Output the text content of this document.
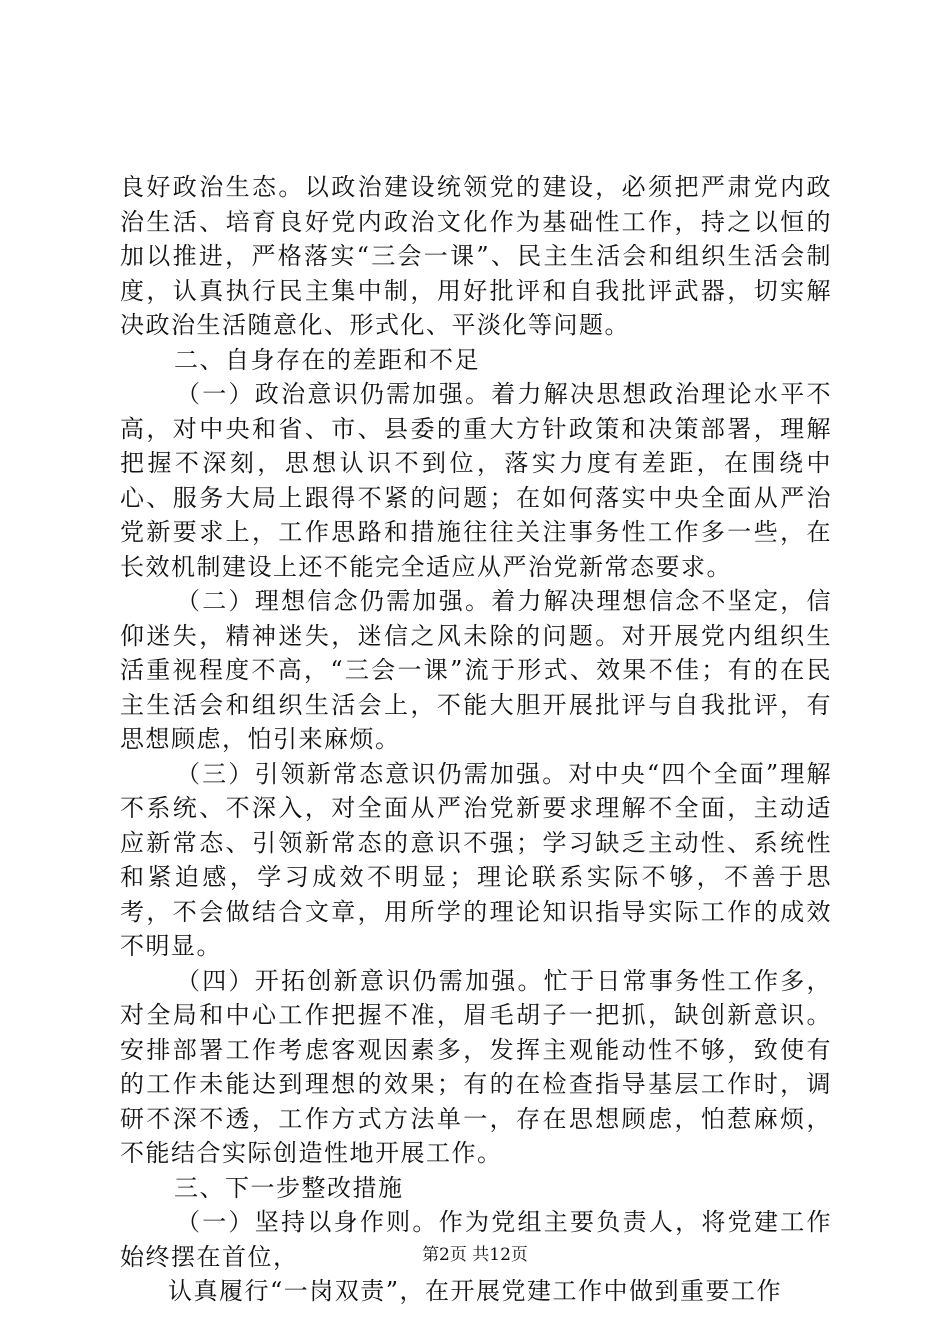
良好政治生态。以政治建设统领党的建设，必须把严肃党内政治生活、培育良好党内政治文化作为基础性工作，持之以恒的加以推进，严格落实“三会一课”、民主生活会和组织生活会制度，认真执行民主集中制，用好批评和自我批评武器，切实解决政治生活随意化、形式化、平淡化等问题。

二、自身存在的差距和不足

（一）政治意识仍需加强。着力解决思想政治理论水平不高，对中央和省、市、县委的重大方针政策和决策部署，理解把握不深刻，思想认识不到位，落实力度有差距，在围绕中心、服务大局上跟得不紧的问题；在如何落实中央全面从严治党新要求上，工作思路和措施往往关注事务性工作多一些，在长效机制建设上还不能完全适应从严治党新常态要求。

（二）理想信念仍需加强。着力解决理想信念不坚定，信仰迷失，精神迷失，迷信之风未除的问题。对开展党内组织生活重视程度不高，“三会一课”流于形式、效果不佳；有的在民主生活会和组织生活会上，不能大胆开展批评与自我批评，有思想顾虑，怕引来麻烦。

（三）引领新常态意识仍需加强。对中央“四个全面”理解不系统、不深入，对全面从严治党新要求理解不全面，主动适应新常态、引领新常态的意识不强；学习缺乏主动性、系统性和紧迫感，学习成效不明显；理论联系实际不够，不善于思考，不会做结合文章，用所学的理论知识指导实际工作的成效不明显。

（四）开拓创新意识仍需加强。忙于日常事务性工作多，对全局和中心工作把握不准，眉毛胡子一把抓，缺创新意识。安排部署工作考虑客观因素多，发挥主观能动性不够，致使有的工作未能达到理想的效果；有的在检查指导基层工作时，调研不深不透，工作方式方法单一，存在思想顾虑，怕惹麻烦，不能结合实际创造性地开展工作。

三、下一步整改措施

（一）坚持以身作则。作为党组主要负责人，将党建工作始终摆在首位，

认真履行“一岗双责”，在开展党建工作中做到重要工作

第2页 共12页
